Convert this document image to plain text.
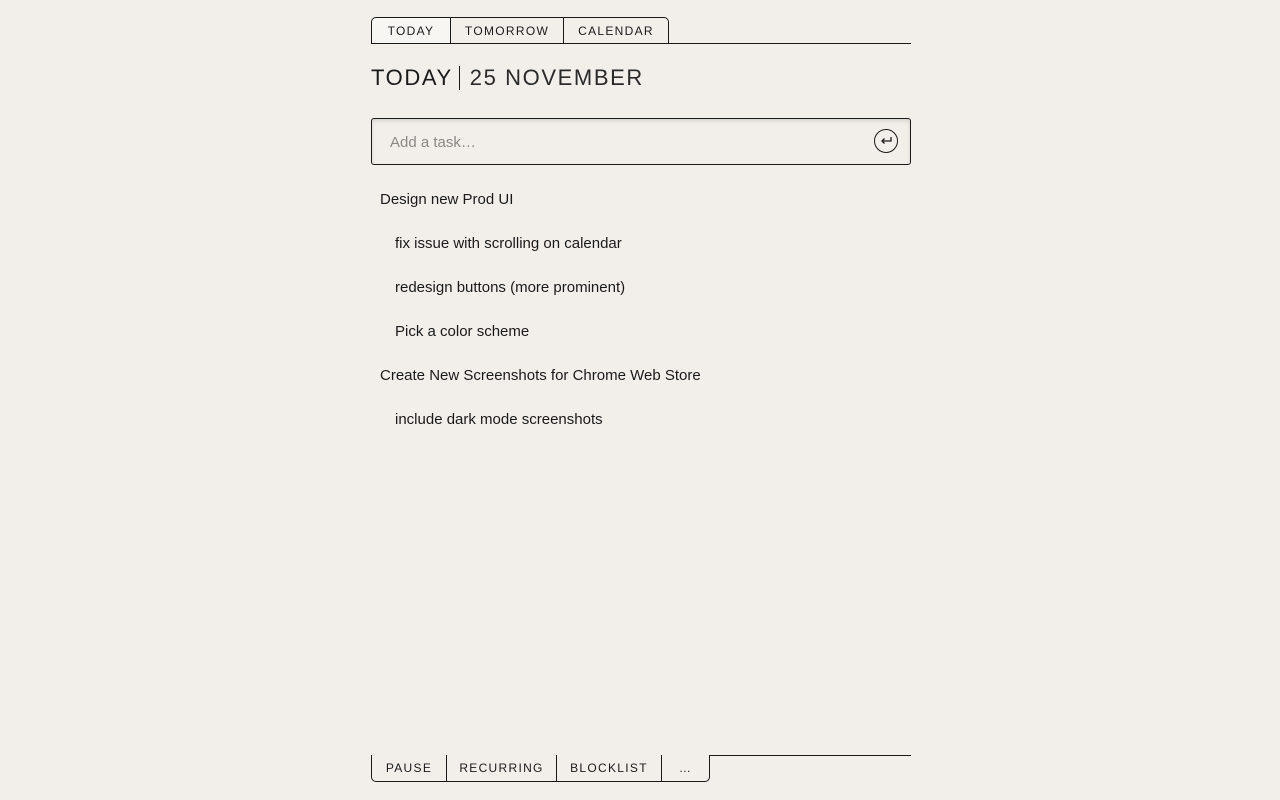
TODAY	TOMORROW	CALENDAR
TODAY 25 NOVEMBER
Add a task…
Design new Prod UI
fix issue with scrolling on calendar
redesign buttons (more prominent)
Pick a color scheme
Create New Screenshots for Chrome Web Store
include dark mode screenshots
PAUSE	RECURRING	BLOCKLIST	…
